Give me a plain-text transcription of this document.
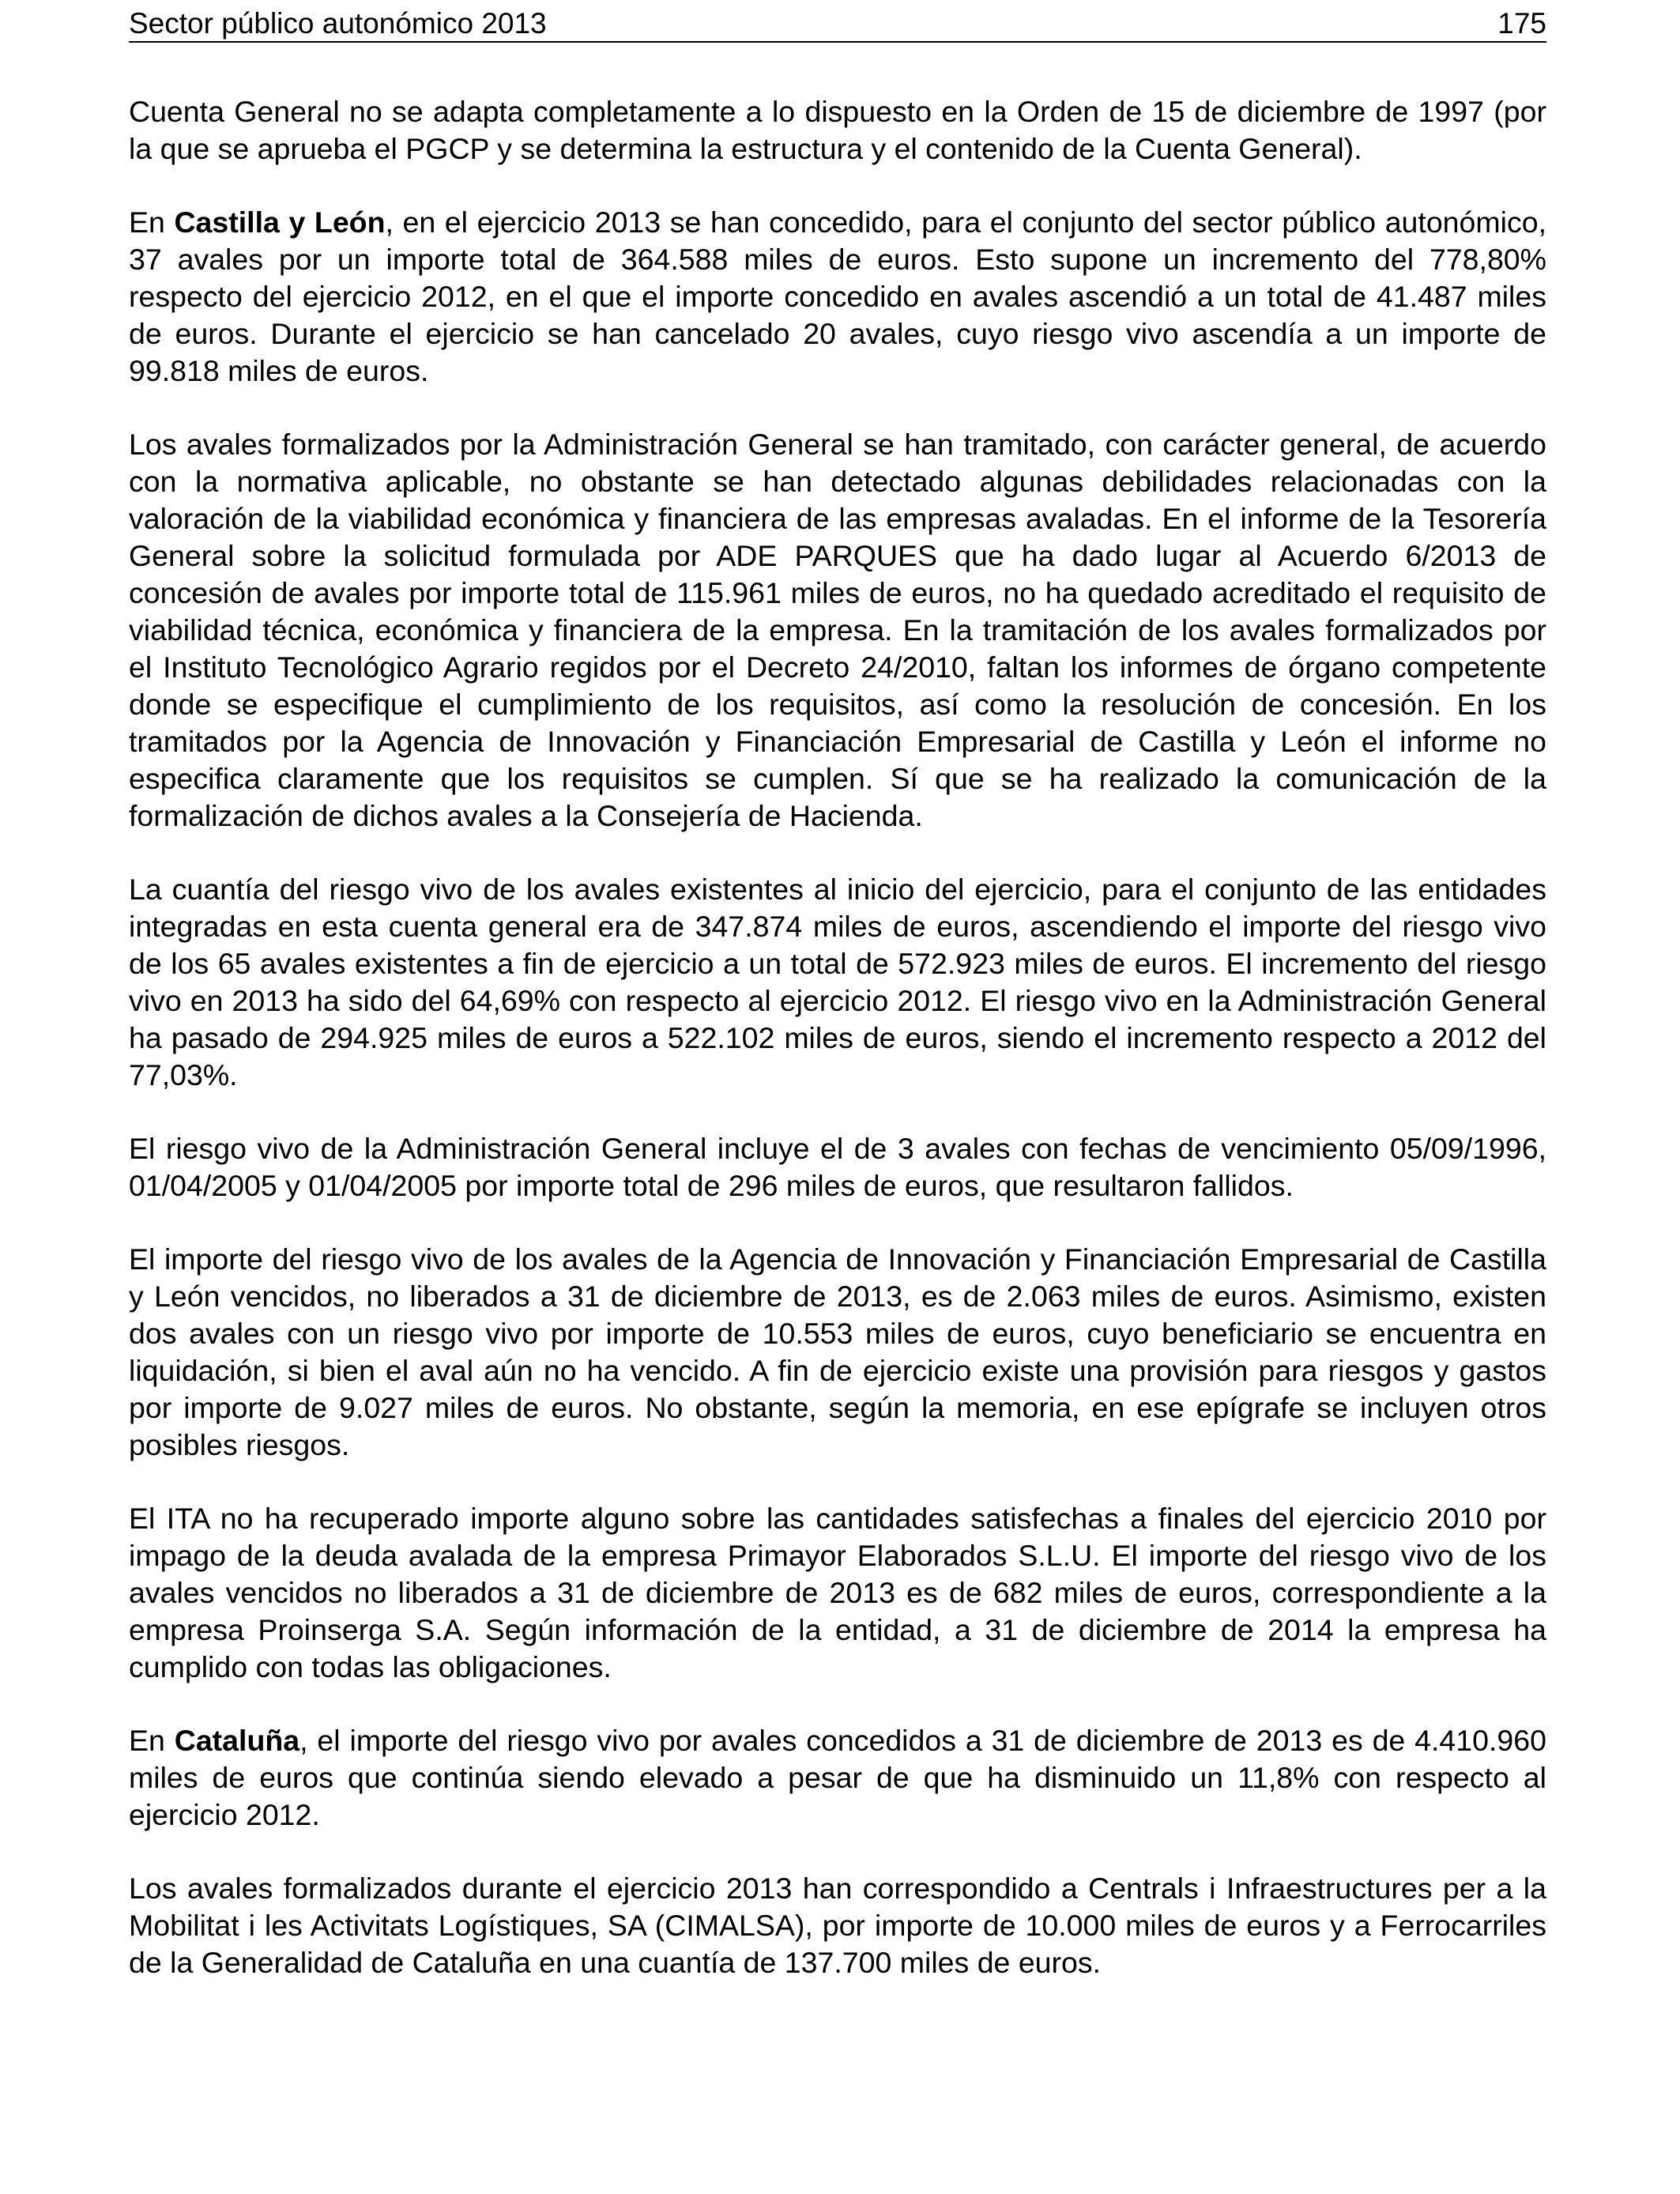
Sector público autonómico 2013	175

Cuenta General no se adapta completamente a lo dispuesto en la Orden de 15 de diciembre de 1997 (por la que se aprueba el PGCP y se determina la estructura y el contenido de la Cuenta General).

En Castilla y León, en el ejercicio 2013 se han concedido, para el conjunto del sector público autonómico, 37 avales por un importe total de 364.588 miles de euros. Esto supone un incremento del 778,80% respecto del ejercicio 2012, en el que el importe concedido en avales ascendió a un total de 41.487 miles de euros. Durante el ejercicio se han cancelado 20 avales, cuyo riesgo vivo ascendía a un importe de 99.818 miles de euros.

Los avales formalizados por la Administración General se han tramitado, con carácter general, de acuerdo con la normativa aplicable, no obstante se han detectado algunas debilidades relacionadas con la valoración de la viabilidad económica y financiera de las empresas avaladas. En el informe de la Tesorería General sobre la solicitud formulada por ADE PARQUES que ha dado lugar al Acuerdo 6/2013 de concesión de avales por importe total de 115.961 miles de euros, no ha quedado acreditado el requisito de viabilidad técnica, económica y financiera de la empresa. En la tramitación de los avales formalizados por el Instituto Tecnológico Agrario regidos por el Decreto 24/2010, faltan los informes de órgano competente donde se especifique el cumplimiento de los requisitos, así como la resolución de concesión. En los tramitados por la Agencia de Innovación y Financiación Empresarial de Castilla y León el informe no especifica claramente que los requisitos se cumplen. Sí que se ha realizado la comunicación de la formalización de dichos avales a la Consejería de Hacienda.

La cuantía del riesgo vivo de los avales existentes al inicio del ejercicio, para el conjunto de las entidades integradas en esta cuenta general era de 347.874 miles de euros, ascendiendo el importe del riesgo vivo de los 65 avales existentes a fin de ejercicio a un total de 572.923 miles de euros. El incremento del riesgo vivo en 2013 ha sido del 64,69% con respecto al ejercicio 2012. El riesgo vivo en la Administración General ha pasado de 294.925 miles de euros a 522.102 miles de euros, siendo el incremento respecto a 2012 del 77,03%.

El riesgo vivo de la Administración General incluye el de 3 avales con fechas de vencimiento 05/09/1996, 01/04/2005 y 01/04/2005 por importe total de 296 miles de euros, que resultaron fallidos.

El importe del riesgo vivo de los avales de la Agencia de Innovación y Financiación Empresarial de Castilla y León vencidos, no liberados a 31 de diciembre de 2013, es de 2.063 miles de euros. Asimismo, existen dos avales con un riesgo vivo por importe de 10.553 miles de euros, cuyo beneficiario se encuentra en liquidación, si bien el aval aún no ha vencido. A fin de ejercicio existe una provisión para riesgos y gastos por importe de 9.027 miles de euros. No obstante, según la memoria, en ese epígrafe se incluyen otros posibles riesgos.

El ITA no ha recuperado importe alguno sobre las cantidades satisfechas a finales del ejercicio 2010 por impago de la deuda avalada de la empresa Primayor Elaborados S.L.U. El importe del riesgo vivo de los avales vencidos no liberados a 31 de diciembre de 2013 es de 682 miles de euros, correspondiente a la empresa Proinserga S.A. Según información de la entidad, a 31 de diciembre de 2014 la empresa ha cumplido con todas las obligaciones.

En Cataluña, el importe del riesgo vivo por avales concedidos a 31 de diciembre de 2013 es de 4.410.960 miles de euros que continúa siendo elevado a pesar de que ha disminuido un 11,8% con respecto al ejercicio 2012.

Los avales formalizados durante el ejercicio 2013 han correspondido a Centrals i Infraestructures per a la Mobilitat i les Activitats Logístiques, SA (CIMALSA), por importe de 10.000 miles de euros y a Ferrocarriles de la Generalidad de Cataluña en una cuantía de 137.700 miles de euros.
